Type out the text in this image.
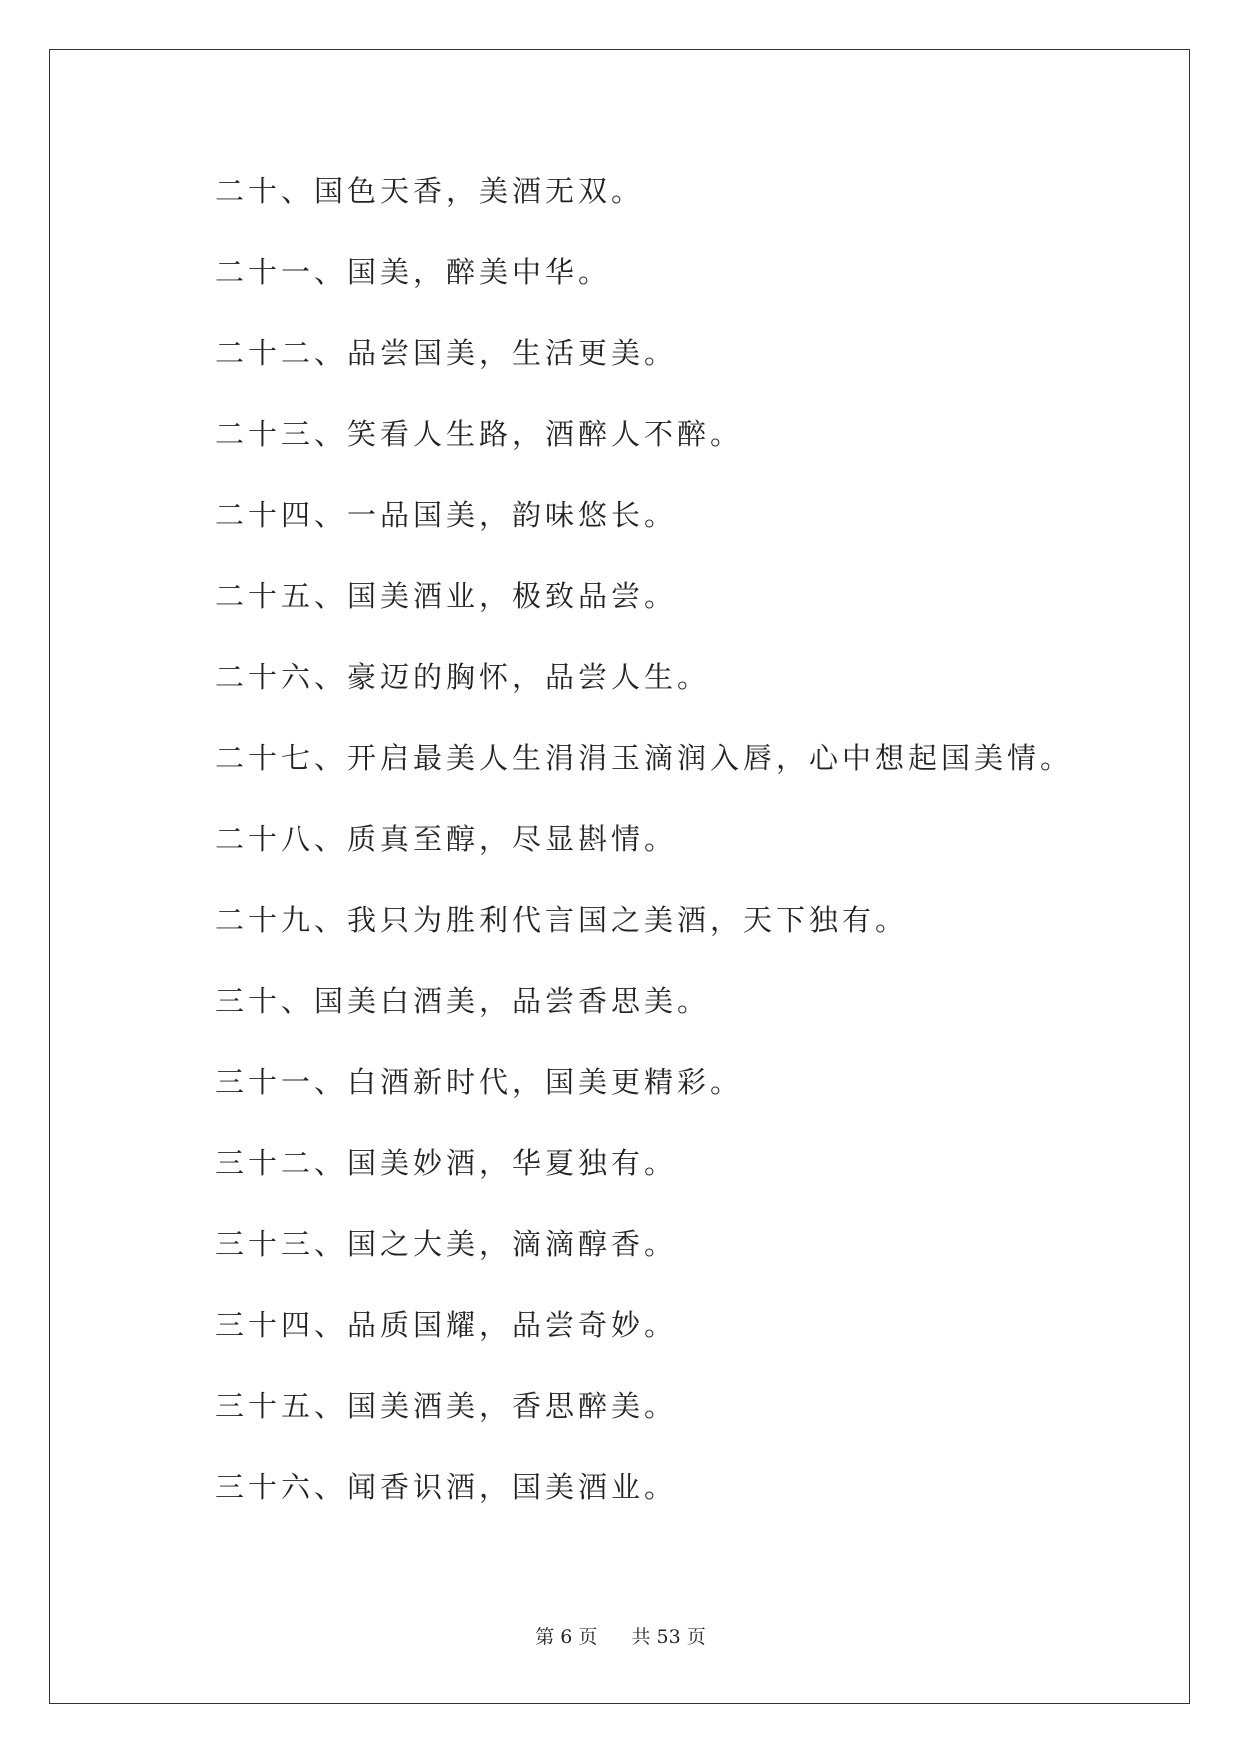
二十、国色天香，美酒无双。
二十一、国美，醉美中华。
二十二、品尝国美，生活更美。
二十三、笑看人生路，酒醉人不醉。
二十四、一品国美，韵味悠长。
二十五、国美酒业，极致品尝。
二十六、豪迈的胸怀，品尝人生。
二十七、开启最美人生涓涓玉滴润入唇，心中想起国美情。
二十八、质真至醇，尽显斟情。
二十九、我只为胜利代言国之美酒，天下独有。
三十、国美白酒美，品尝香思美。
三十一、白酒新时代，国美更精彩。
三十二、国美妙酒，华夏独有。
三十三、国之大美，滴滴醇香。
三十四、品质国耀，品尝奇妙。
三十五、国美酒美，香思醉美。
三十六、闻香识酒，国美酒业。
第 6 页 共 53 页
